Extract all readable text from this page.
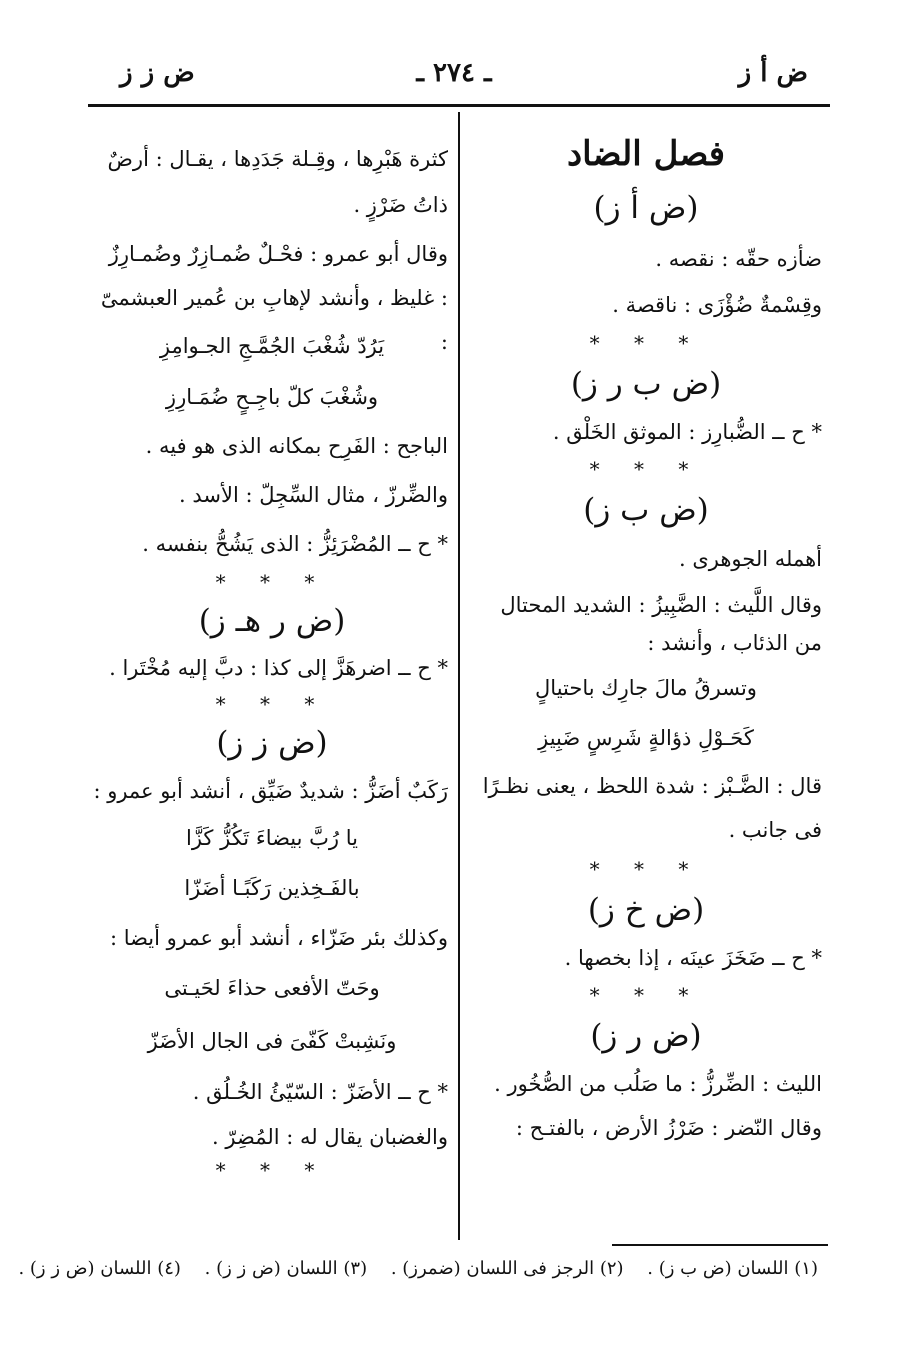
ض أ ز
ـ ٢٧٤ ـ
ض ز ز

فصل الضاد

(ض أ ز)

ضأزه حقّه : نقصه .

وقِسْمةٌ ضُؤْزَى : ناقصة .

* * *

(ض ب ر ز)

* ح ــ الضُّبارِز : الموثق الخَلْق .

* * *

(ض ب ز)

أهمله الجوهرى .

وقال اللَّيث : الضَّبِيزُ : الشديد المحتال من الذئاب ، وأنشد :

وتسرقُ مالَ جارِك باحتيالٍ

كَحَـوْلِ ذؤالةٍ شَرِسٍ ضَبِيزِ

قال : الضَّـبْز : شدة اللحظ ، يعنى نظـرًا فى جانب .

* * *

(ض خ ز)

* ح ــ ضَخَزَ عينَه ، إذا بخصها .

* * *

(ض ر ز)

الليث : الضِّرزُّ : ما صَلُب من الصُّخُور .

وقال النّضر : ضَرْزُ الأرض ، بالفتـح :

كثرة هَبْرِها ، وقِـلة جَدَدِها ، يقـال : أرضٌ ذاتُ ضَرْزٍ .

وقال أبو عمرو : فحْـلٌ ضُمـازِرٌ وضُمـارِزٌ : غليظ ، وأنشد لإهابِ بن عُمير العبشمىّ :

يَرُدّ شُغْبَ الجُمَّـجِ الجـوامِزِ

وشُغْبَ كلّ باجِـحٍ ضُمَـارِزِ

الباجح : الفَرِح بمكانه الذى هو فيه .

والضِّرزّ ، مثال السِّجِلّ : الأسد .

* ح ــ المُضْرَئِزُّ : الذى يَشُحُّ بنفسه .

* * *

(ض ر هـ ز)

* ح ــ اضرهَزَّ إلى كذا : دبَّ إليه مُخْتَرا .

* * *

(ض ز ز)

رَكَبٌ أضَزُّ : شديدٌ ضَيِّق ، أنشد أبو عمرو :

يا رُبَّ بيضاءَ تَكُزُّ كَزَّا

بالفَـخِذين رَكَبًـا أضَزّا

وكذلك بئر ضَزّاء ، أنشد أبو عمرو أيضا :

وحَتّ الأفعى حذاءَ لحَيـتى

ونَشِبتْ كَفّىَ فى الجال الأضَزّ

* ح ــ الأضَزّ : السّيّئُ الخُـلُق .

والغضبان يقال له : المُضِرّ .

* * *

(١) اللسان (ض ب ز) . (٢) الرجز فى اللسان (ضمرز) . (٣) اللسان (ض ز ز) . (٤) اللسان (ض ز ز) .
